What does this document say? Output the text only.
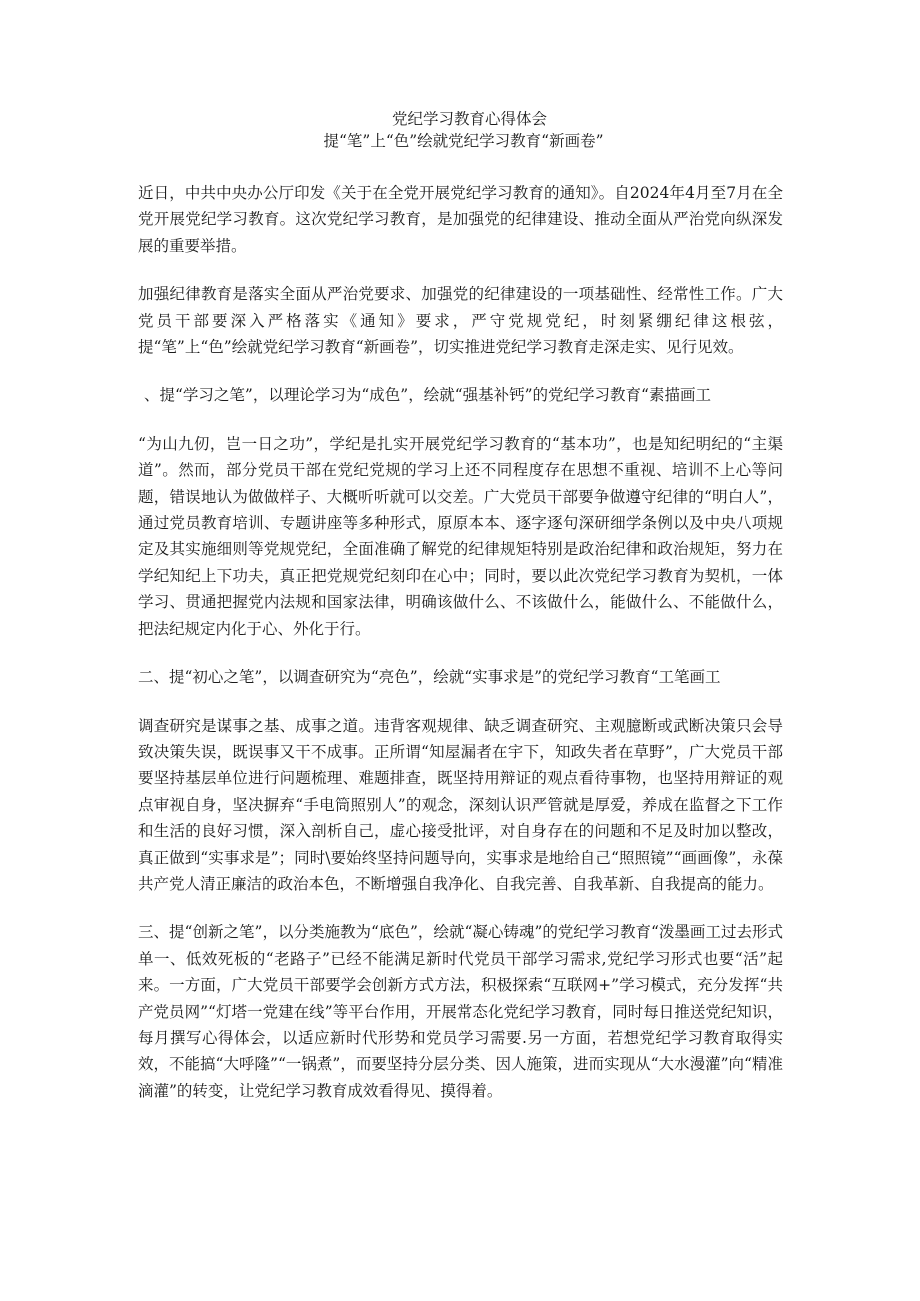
党纪学习教育心得体会
提“笔”上“色”绘就党纪学习教育“新画卷”

近日，中共中央办公厅印发《关于在全党开展党纪学习教育的通知》。自2024年4月至7月在全党开展党纪学习教育。这次党纪学习教育，是加强党的纪律建设、推动全面从严治党向纵深发展的重要举措。

加强纪律教育是落实全面从严治党要求、加强党的纪律建设的一项基础性、经常性工作。广大党员干部要深入严格落实《通知》要求，严守党规党纪，时刻紧绷纪律这根弦，提“笔”上“色”绘就党纪学习教育“新画卷”，切实推进党纪学习教育走深走实、见行见效。

、提“学习之笔”，以理论学习为“成色”，绘就“强基补钙”的党纪学习教育“素描画工

“为山九仞，岂一日之功”，学纪是扎实开展党纪学习教育的“基本功”，也是知纪明纪的“主渠道”。然而，部分党员干部在党纪党规的学习上还不同程度存在思想不重视、培训不上心等问题，错误地认为做做样子、大概听听就可以交差。广大党员干部要争做遵守纪律的“明白人”，通过党员教育培训、专题讲座等多种形式，原原本本、逐字逐句深研细学条例以及中央八项规定及其实施细则等党规党纪，全面准确了解党的纪律规矩特别是政治纪律和政治规矩，努力在学纪知纪上下功夫，真正把党规党纪刻印在心中；同时，要以此次党纪学习教育为契机，一体学习、贯通把握党内法规和国家法律，明确该做什么、不该做什么，能做什么、不能做什么，把法纪规定内化于心、外化于行。

二、提“初心之笔”，以调查研究为“亮色”，绘就“实事求是”的党纪学习教育“工笔画工

调查研究是谋事之基、成事之道。违背客观规律、缺乏调查研究、主观臆断或武断决策只会导致决策失误，既误事又干不成事。正所谓“知屋漏者在宇下，知政失者在草野”，广大党员干部要坚持基层单位进行问题梳理、难题排查，既坚持用辩证的观点看待事物，也坚持用辩证的观点审视自身，坚决摒弃“手电筒照别人”的观念，深刻认识严管就是厚爱，养成在监督之下工作和生活的良好习惯，深入剖析自己，虚心接受批评，对自身存在的问题和不足及时加以整改，真正做到“实事求是”；同时\要始终坚持问题导向，实事求是地给自己“照照镜”“画画像”，永葆共产党人清正廉洁的政治本色，不断增强自我净化、自我完善、自我革新、自我提高的能力。

三、提“创新之笔”，以分类施教为“底色”，绘就“凝心铸魂”的党纪学习教育“泼墨画工过去形式单一、低效死板的“老路子”已经不能满足新时代党员干部学习需求,党纪学习形式也要“活”起来。一方面，广大党员干部要学会创新方式方法，积极探索“互联网+”学习模式，充分发挥“共产党员网”“灯塔一党建在线”等平台作用，开展常态化党纪学习教育，同时每日推送党纪知识，每月撰写心得体会，以适应新时代形势和党员学习需要.另一方面，若想党纪学习教育取得实效，不能搞“大呼隆”“一锅煮”，而要坚持分层分类、因人施策，进而实现从“大水漫灌”向“精准滴灌”的转变，让党纪学习教育成效看得见、摸得着。
